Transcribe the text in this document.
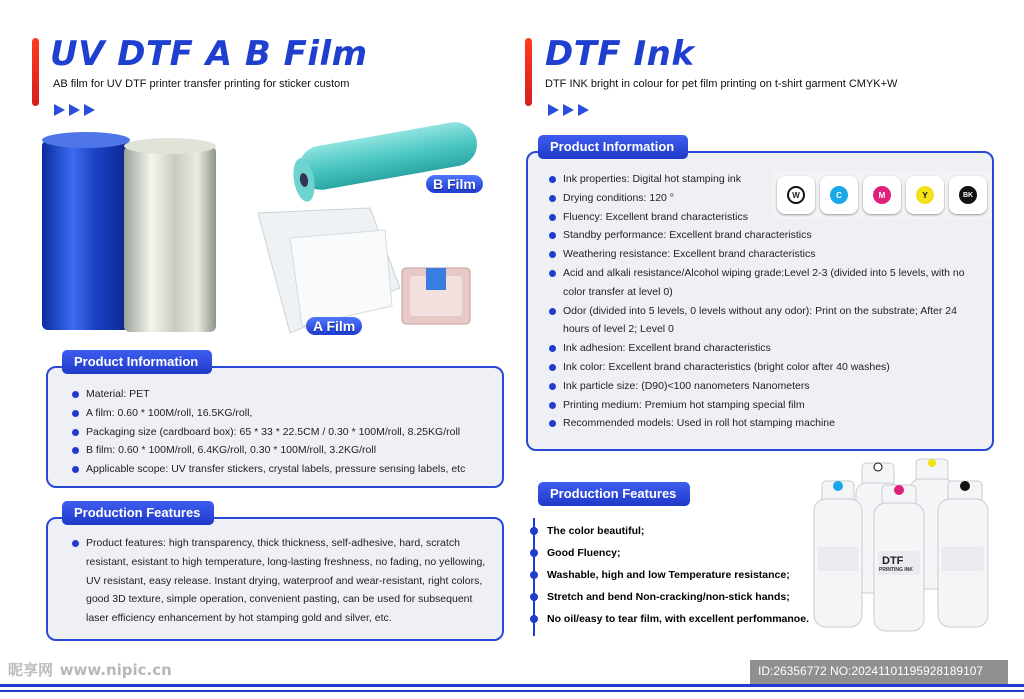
UV DTF A B Film
AB film for UV DTF printer transfer printing for sticker custom
B Film
A Film
Product Information
Material: PET
A film: 0.60 * 100M/roll, 16.5KG/roll,
Packaging size (cardboard box): 65 * 33 * 22.5CM / 0.30 * 100M/roll, 8.25KG/roll
B film: 0.60 * 100M/roll, 6.4KG/roll, 0.30 * 100M/roll, 3.2KG/roll
Applicable scope: UV transfer stickers, crystal labels, pressure sensing labels, etc
Production Features
Product features: high transparency, thick thickness, self-adhesive, hard, scratch resistant, esistant to high temperature, long-lasting freshness, no fading, no yellowing, UV resistant, easy release. Instant drying, waterproof and wear-resistant, right colors, good 3D texture, simple operation, convenient pasting, can be used for subsequent laser efficiency enhancement by hot stamping gold and silver, etc.
DTF Ink
DTF INK bright in colour for pet film printing on t-shirt garment CMYK+W
Product Information
Ink properties: Digital hot stamping ink
Drying conditions: 120 °
Fluency: Excellent brand characteristics
Standby performance: Excellent brand characteristics
Weathering resistance: Excellent brand characteristics
Acid and alkali resistance/Alcohol wiping grade:Level 2-3 (divided into 5 levels, with no color transfer at level 0)
Odor (divided into 5 levels, 0 levels without any odor): Print on the substrate; After 24 hours of level 2; Level 0
Ink adhesion: Excellent brand characteristics
Ink color: Excellent brand characteristics (bright color after 40 washes)
Ink particle size: (D90)<100 nanometers Nanometers
Printing medium: Premium hot stamping special film
Recommended models: Used in roll hot stamping machine
W	C	M	Y	BK
Production Features
The color beautiful;
Good Fluency;
Washable, high and low Temperature resistance;
Stretch and bend Non-cracking/non-stick hands;
No oil/easy to tear film, with excellent perfommanoe.
DTF
PRINTING INK
昵享网 www.nipic.cn	ID:26356772 NO:20241101195928189107
